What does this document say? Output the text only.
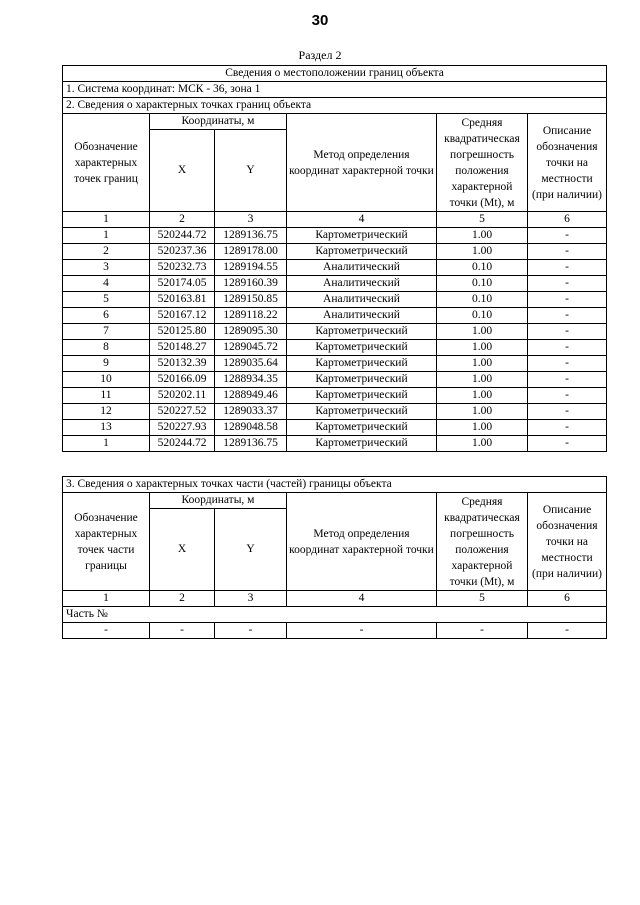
30
Раздел 2
Сведения о местоположении границ объекта					
1. Система координат: МСК - 36, зона 1					
2. Сведения о характерных точках границ объекта					
Обозначение характерных точек границ	Координаты, м		Метод определения координат характерной точки	Средняя квадратическая погрешность положения характерной точки (Mt), м	Описание обозначения точки на местности (при наличии)
	X	Y			
1	2	3	4	5	6
1	520244.72	1289136.75	Картометрический	1.00	-
2	520237.36	1289178.00	Картометрический	1.00	-
3	520232.73	1289194.55	Аналитический	0.10	-
4	520174.05	1289160.39	Аналитический	0.10	-
5	520163.81	1289150.85	Аналитический	0.10	-
6	520167.12	1289118.22	Аналитический	0.10	-
7	520125.80	1289095.30	Картометрический	1.00	-
8	520148.27	1289045.72	Картометрический	1.00	-
9	520132.39	1289035.64	Картометрический	1.00	-
10	520166.09	1288934.35	Картометрический	1.00	-
11	520202.11	1288949.46	Картометрический	1.00	-
12	520227.52	1289033.37	Картометрический	1.00	-
13	520227.93	1289048.58	Картометрический	1.00	-
1	520244.72	1289136.75	Картометрический	1.00	-
3. Сведения о характерных точках части (частей) границы объекта					
Обозначение характерных точек части границы	Координаты, м		Метод определения координат характерной точки	Средняя квадратическая погрешность положения характерной точки (Mt), м	Описание обозначения точки на местности (при наличии)
	X	Y			
1	2	3	4	5	6
Часть №					
-	-	-	-	-	-
